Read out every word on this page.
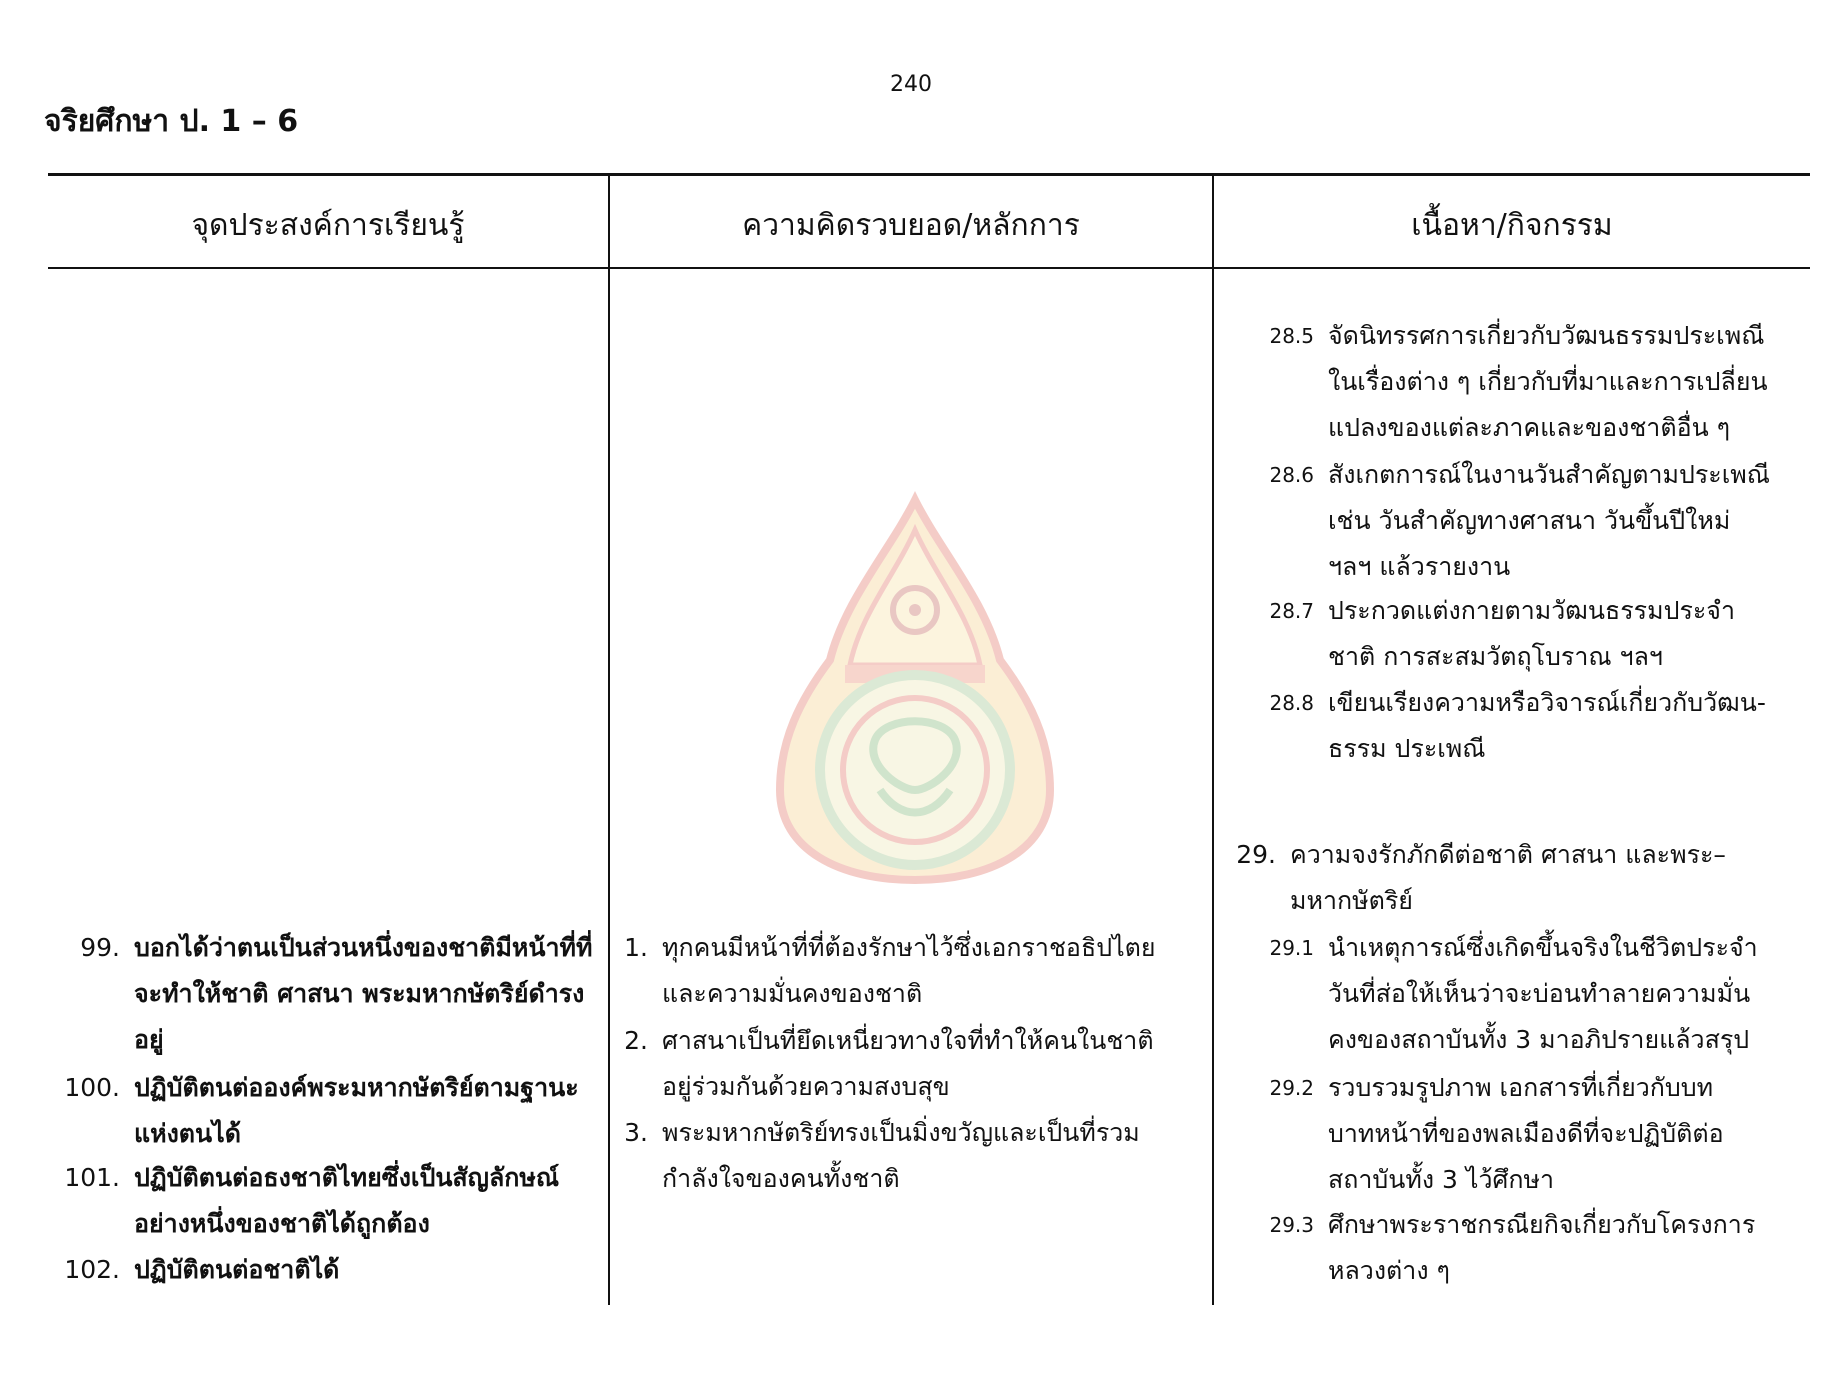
240
จริยศึกษา ป. 1 – 6
จุดประสงค์การเรียนรู้	ความคิดรวบยอด/หลักการ	เนื้อหา/กิจกรรม
28.5 จัดนิทรรศการเกี่ยวกับวัฒนธรรมประเพณี
ในเรื่องต่าง ๆ เกี่ยวกับที่มาและการเปลี่ยน
แปลงของแต่ละภาคและของชาติอื่น ๆ
28.6 สังเกตการณ์ในงานวันสำคัญตามประเพณี
เช่น วันสำคัญทางศาสนา วันขึ้นปีใหม่
ฯลฯ แล้วรายงาน
28.7 ประกวดแต่งกายตามวัฒนธรรมประจำ
ชาติ การสะสมวัตถุโบราณ ฯลฯ
28.8 เขียนเรียงความหรือวิจารณ์เกี่ยวกับวัฒน-
ธรรม ประเพณี
29. ความจงรักภักดีต่อชาติ ศาสนา และพระ–
มหากษัตริย์
29.1 นำเหตุการณ์ซึ่งเกิดขึ้นจริงในชีวิตประจำ
วันที่ส่อให้เห็นว่าจะบ่อนทำลายความมั่น
คงของสถาบันทั้ง 3 มาอภิปรายแล้วสรุป
29.2 รวบรวมรูปภาพ เอกสารที่เกี่ยวกับบท
บาทหน้าที่ของพลเมืองดีที่จะปฏิบัติต่อ
สถาบันทั้ง 3 ไว้ศึกษา
29.3 ศึกษาพระราชกรณียกิจเกี่ยวกับโครงการ
หลวงต่าง ๆ
99. บอกได้ว่าตนเป็นส่วนหนึ่งของชาติมีหน้าที่ที่
จะทำให้ชาติ ศาสนา พระมหากษัตริย์ดำรง
อยู่
100. ปฏิบัติตนต่อองค์พระมหากษัตริย์ตามฐานะ
แห่งตนได้
101. ปฏิบัติตนต่อธงชาติไทยซึ่งเป็นสัญลักษณ์
อย่างหนึ่งของชาติได้ถูกต้อง
102. ปฏิบัติตนต่อชาติได้
1. ทุกคนมีหน้าที่ที่ต้องรักษาไว้ซึ่งเอกราชอธิปไตย
และความมั่นคงของชาติ
2. ศาสนาเป็นที่ยึดเหนี่ยวทางใจที่ทำให้คนในชาติ
อยู่ร่วมกันด้วยความสงบสุข
3. พระมหากษัตริย์ทรงเป็นมิ่งขวัญและเป็นที่รวม
กำลังใจของคนทั้งชาติ
